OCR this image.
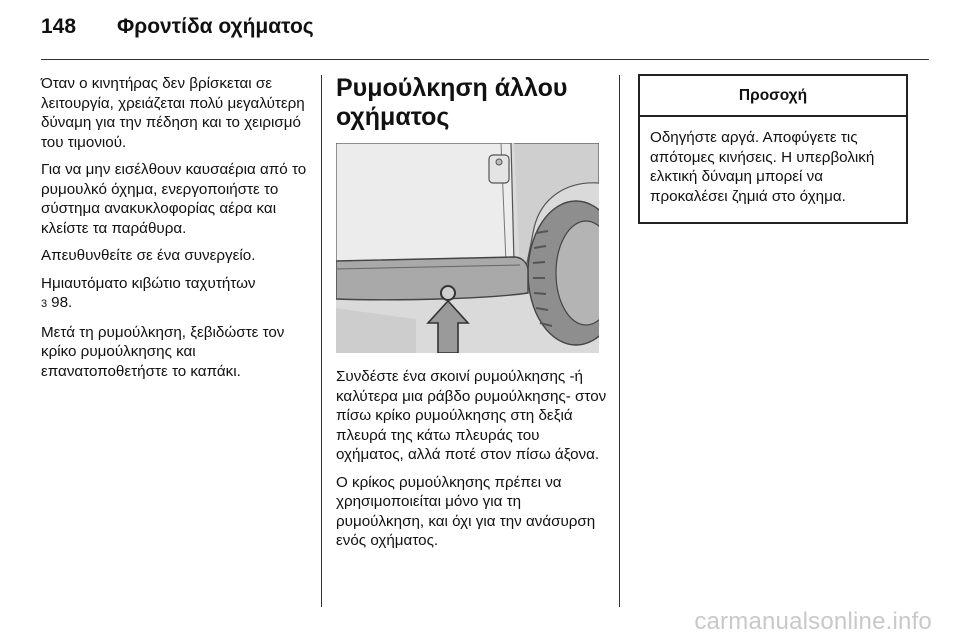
148	Φροντίδα οχήματος

Όταν ο κινητήρας δεν βρίσκεται σε λειτουργία, χρειάζεται πολύ μεγαλύτερη δύναμη για την πέδηση και το χειρισμό του τιμονιού.

Για να μην εισέλθουν καυσαέρια από το ρυμουλκό όχημα, ενεργοποιήστε το σύστημα ανακυκλοφορίας αέρα και κλείστε τα παράθυρα.

Απευθυνθείτε σε ένα συνεργείο.

Ημιαυτόματο κιβώτιο ταχυτήτων
3 98.

Μετά τη ρυμούλκηση, ξεβιδώστε τον κρίκο ρυμούλκησης και επανατοποθετήστε το καπάκι.

Ρυμούλκηση άλλου οχήματος

Συνδέστε ένα σκοινί ρυμούλκησης -ή καλύτερα μια ράβδο ρυμούλκησης- στον πίσω κρίκο ρυμούλκησης στη δεξιά πλευρά της κάτω πλευράς του οχήματος, αλλά ποτέ στον πίσω άξονα.

Ο κρίκος ρυμούλκησης πρέπει να χρησιμοποιείται μόνο για τη ρυμούλκηση, και όχι για την ανάσυρση ενός οχήματος.

Προσοχή
Οδηγήστε αργά. Αποφύγετε τις απότομες κινήσεις. Η υπερβολική ελκτική δύναμη μπορεί να προκαλέσει ζημιά στο όχημα.
carmanualsonline.info
